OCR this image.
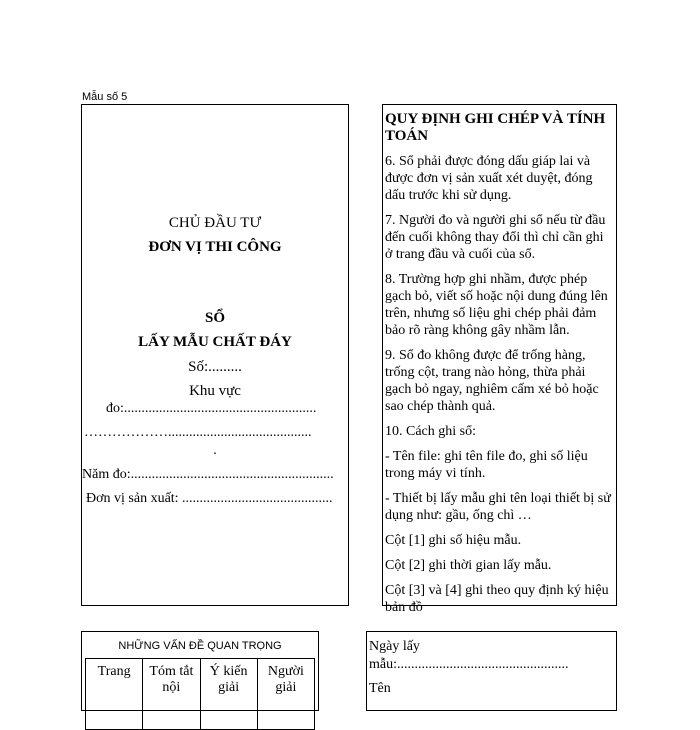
Mẫu số 5
CHỦ ĐẦU TƯ
ĐƠN VỊ THI CÔNG
SỔ
LẤY MẪU CHẤT ĐÁY
Số:.........
Khu vực
đo:.......................................................
……………….........................................
.
Năm đo:..........................................................
Đơn vị sản xuất: ...........................................
QUY ĐỊNH GHI CHÉP VÀ TÍNH TOÁN

6. Sổ phải được đóng dấu giáp lai và được đơn vị sản xuất xét duyệt, đóng dấu trước khi sử dụng.

7. Người đo và người ghi sổ nếu từ đầu đến cuối không thay đổi thì chỉ cần ghi ở trang đầu và cuối của sổ.

8. Trường hợp ghi nhầm, được phép gạch bỏ, viết số hoặc nội dung đúng lên trên, nhưng số liệu ghi chép phải đảm bảo rõ ràng không gây nhầm lẫn.

9. Sổ đo không được để trống hàng, trống cột, trang nào hỏng, thừa phải gạch bỏ ngay, nghiêm cấm xé bỏ hoặc sao chép thành quả.

10. Cách ghi sổ:

- Tên file: ghi tên file đo, ghi số liệu trong máy vi tính.

- Thiết bị lấy mẫu ghi tên loại thiết bị sử dụng như: gầu, ống chì …

Cột [1] ghi số hiệu mẫu.

Cột [2] ghi thời gian lấy mẫu.

Cột [3] và [4] ghi theo quy định ký hiệu bản đồ

NHỮNG VẤN ĐỀ QUAN TRỌNG
Trang	Tóm tắt nội	Ý kiến giải	Người giải
Ngày lấy
mẫu:.................................................
Tên
